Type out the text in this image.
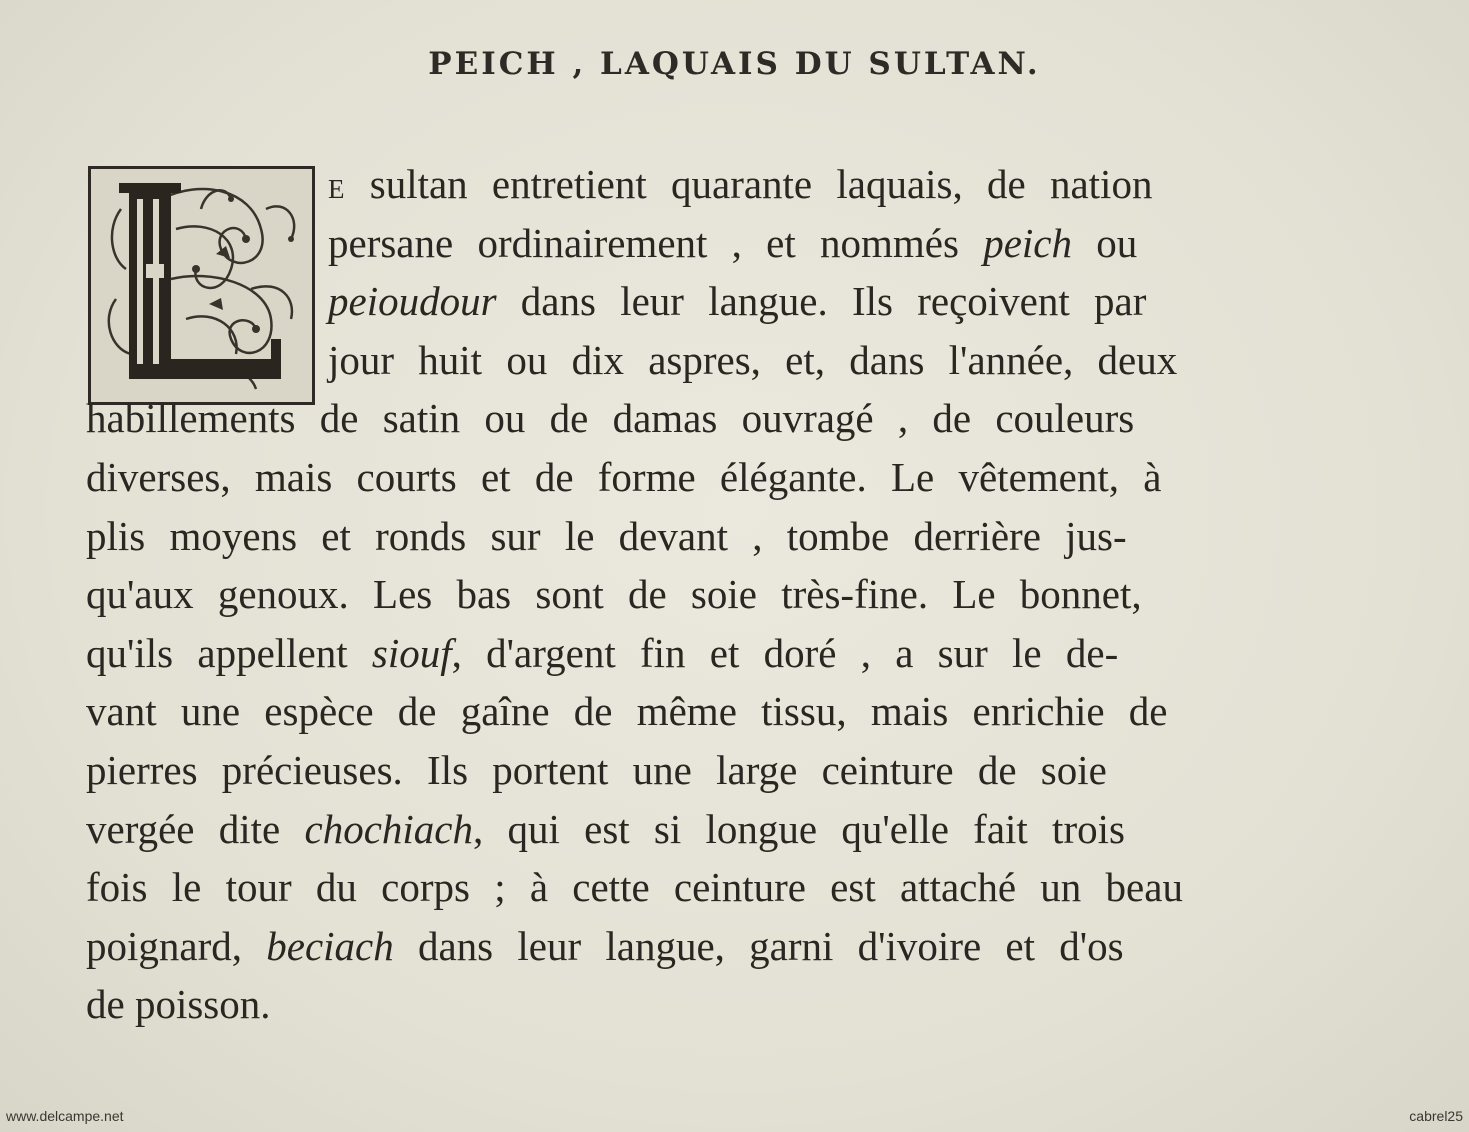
PEICH , LAQUAIS DU SULTAN.
E sultan entretient quarante laquais, de nation
persane ordinairement , et nommés peich ou
peioudour dans leur langue. Ils reçoivent par
jour huit ou dix aspres, et, dans l'année, deux
habillements de satin ou de damas ouvragé , de couleurs
diverses, mais courts et de forme élégante. Le vêtement, à
plis moyens et ronds sur le devant , tombe derrière jus-
qu'aux genoux. Les bas sont de soie très-fine. Le bonnet,
qu'ils appellent siouf, d'argent fin et doré , a sur le de-
vant une espèce de gaîne de même tissu, mais enrichie de
pierres précieuses. Ils portent une large ceinture de soie
vergée dite chochiach, qui est si longue qu'elle fait trois
fois le tour du corps ; à cette ceinture est attaché un beau
poignard, beciach dans leur langue, garni d'ivoire et d'os
de poisson.
www.delcampe.net	cabrel25
